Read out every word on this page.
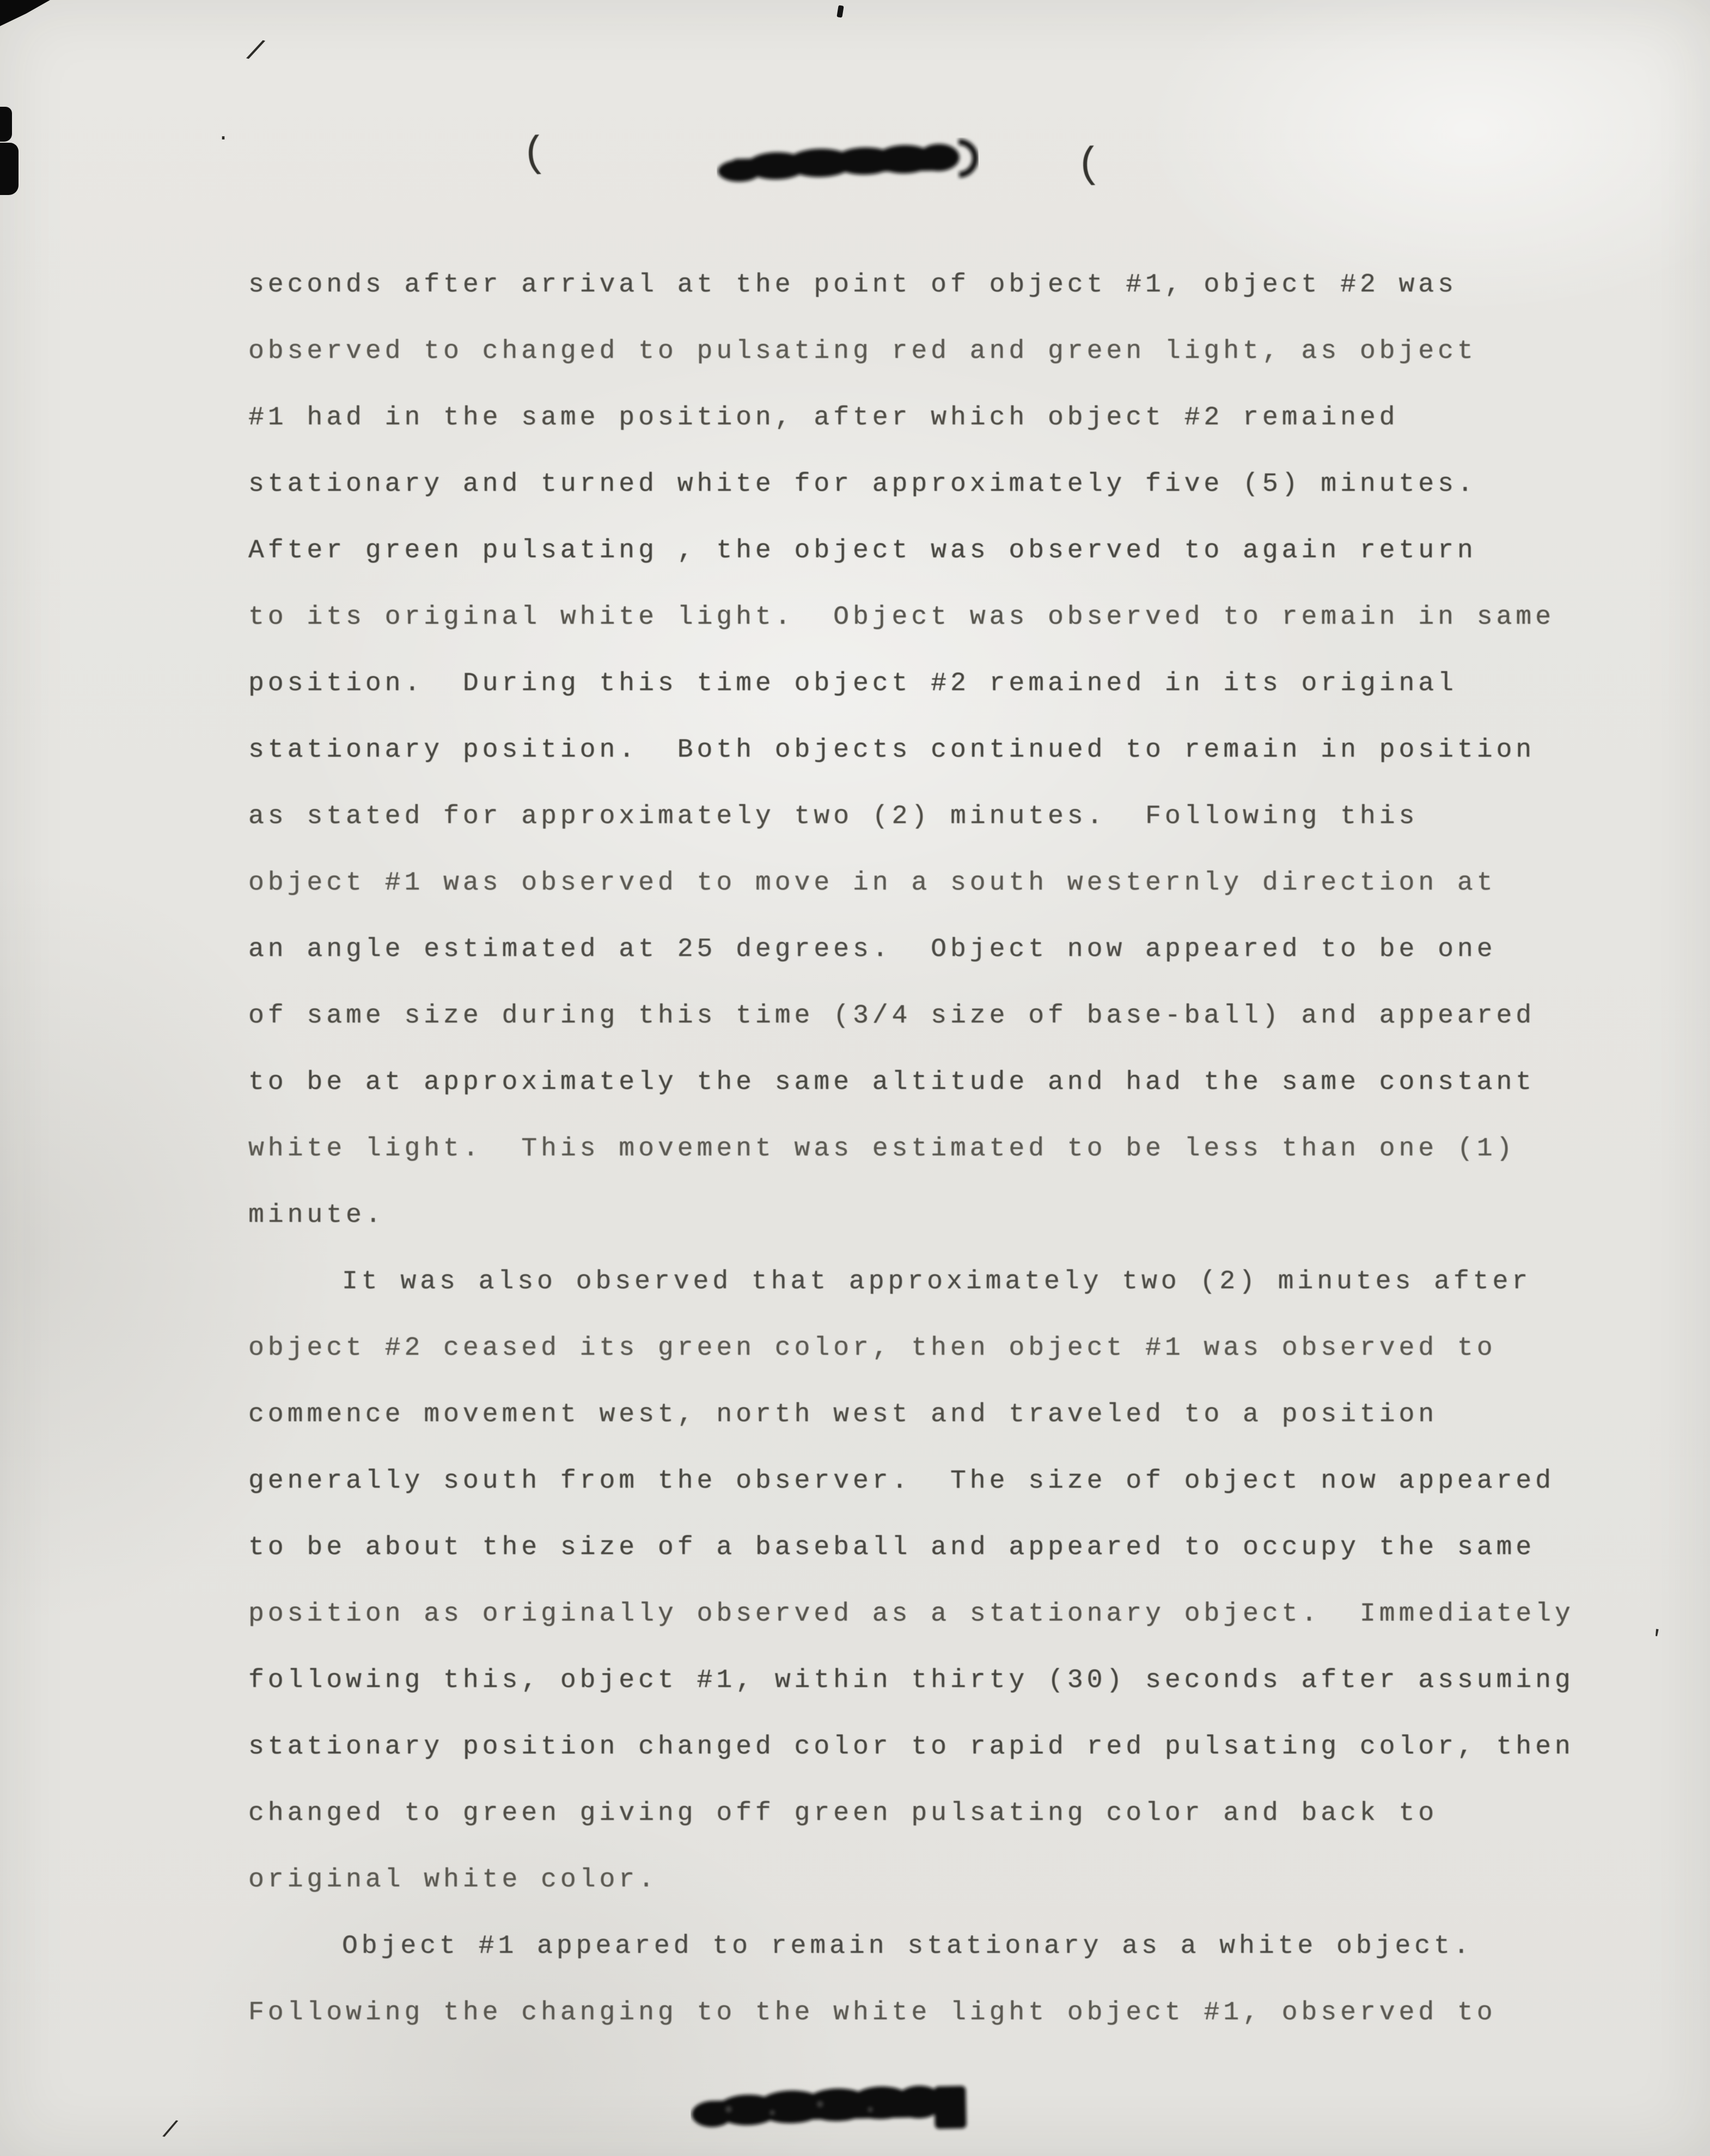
/
.
/
'
(	(
seconds after arrival at the point of object #1, object #2 was
observed to changed to pulsating red and green light, as object
#1 had in the same position, after which object #2 remained
stationary and turned white for approximately five (5) minutes.
After green pulsating , the object was observed to again return
to its original white light.  Object was observed to remain in same
position.  During this time object #2 remained in its original
stationary position.  Both objects continued to remain in position
as stated for approximately two (2) minutes.  Following this
object #1 was observed to move in a south westernly direction at
an angle estimated at 25 degrees.  Object now appeared to be one
of same size during this time (3/4 size of base-ball) and appeared
to be at approximately the same altitude and had the same constant
white light.  This movement was estimated to be less than one (1)
minute.
It was also observed that approximately two (2) minutes after
object #2 ceased its green color, then object #1 was observed to
commence movement west, north west and traveled to a position
generally south from the observer.  The size of object now appeared
to be about the size of a baseball and appeared to occupy the same
position as originally observed as a stationary object.  Immediately
following this, object #1, within thirty (30) seconds after assuming
stationary position changed color to rapid red pulsating color, then
changed to green giving off green pulsating color and back to
original white color.
Object #1 appeared to remain stationary as a white object.
Following the changing to the white light object #1, observed to
